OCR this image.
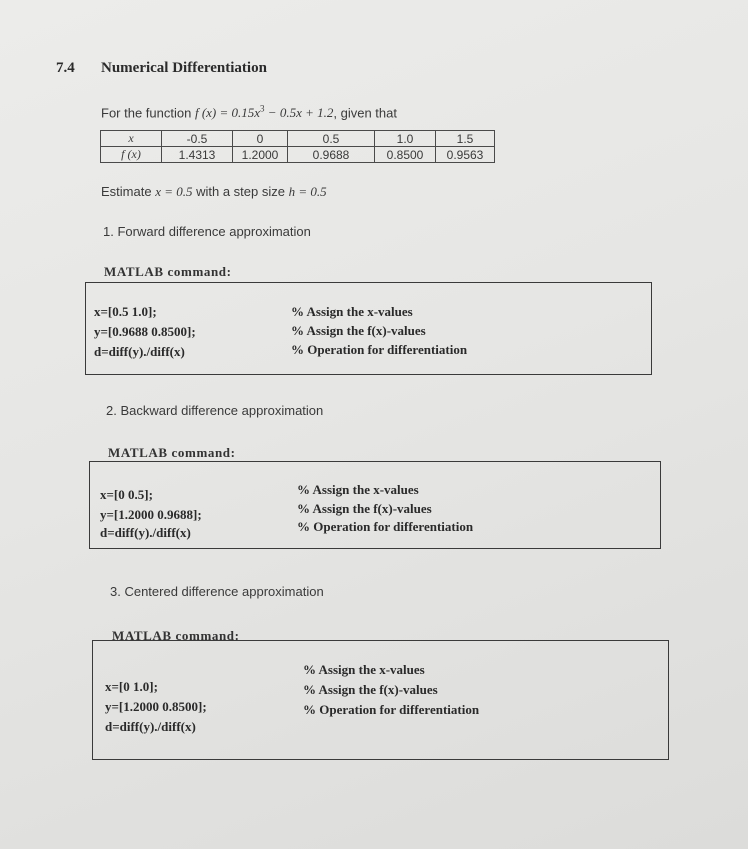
7.4 Numerical Differentiation
For the function f $(x) = 0.15x^3 - 0.5x + 1.2$, given that
x	-0.5	0	0.5	1.0	1.5
f (x)	1.4313	1.2000	0.9688	0.8500	0.9563
Estimate x = 0.5 with a step size h = 0.5
1. Forward difference approximation
MATLAB command:
x=[0.5 1.0];
y=[0.9688 0.8500];
d=diff(y)./diff(x)
% Assign the x-values
% Assign the f(x)-values
% Operation for differentiation
2. Backward difference approximation
MATLAB command:
x=[0 0.5];
y=[1.2000 0.9688];
d=diff(y)./diff(x)
% Assign the x-values
% Assign the f(x)-values
% Operation for differentiation
3. Centered difference approximation
MATLAB command:
x=[0 1.0];
y=[1.2000 0.8500];
d=diff(y)./diff(x)
% Assign the x-values
% Assign the f(x)-values
% Operation for differentiation
